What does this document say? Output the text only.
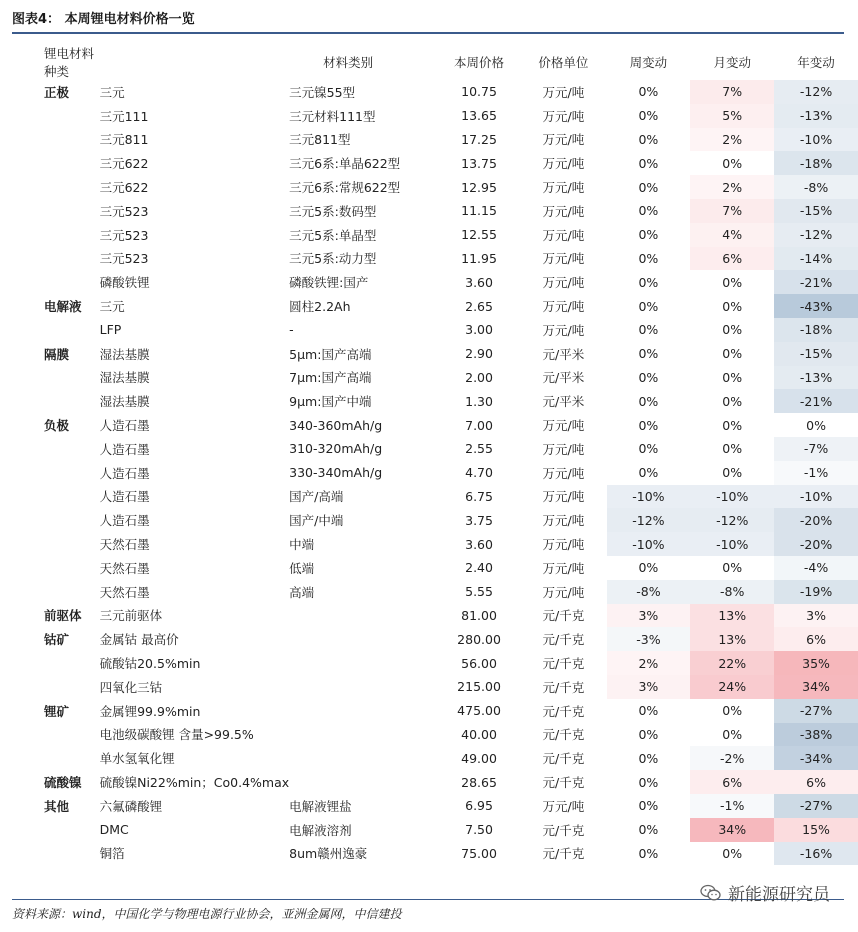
图表4： 本周锂电材料价格一览
锂电材料种类		材料类别	本周价格	价格单位	周变动	月变动	年变动
正极	三元	三元镍55型	10.75	万元/吨	0%	7%	-12%
	三元111	三元材料111型	13.65	万元/吨	0%	5%	-13%
	三元811	三元811型	17.25	万元/吨	0%	2%	-10%
	三元622	三元6系:单晶622型	13.75	万元/吨	0%	0%	-18%
	三元622	三元6系:常规622型	12.95	万元/吨	0%	2%	-8%
	三元523	三元5系:数码型	11.15	万元/吨	0%	7%	-15%
	三元523	三元5系:单晶型	12.55	万元/吨	0%	4%	-12%
	三元523	三元5系:动力型	11.95	万元/吨	0%	6%	-14%
	磷酸铁锂	磷酸铁锂:国产	3.60	万元/吨	0%	0%	-21%
电解液	三元	圆柱2.2Ah	2.65	万元/吨	0%	0%	-43%
	LFP	-	3.00	万元/吨	0%	0%	-18%
隔膜	湿法基膜	5μm:国产高端	2.90	元/平米	0%	0%	-15%
	湿法基膜	7μm:国产高端	2.00	元/平米	0%	0%	-13%
	湿法基膜	9μm:国产中端	1.30	元/平米	0%	0%	-21%
负极	人造石墨	340-360mAh/g	7.00	万元/吨	0%	0%	0%
	人造石墨	310-320mAh/g	2.55	万元/吨	0%	0%	-7%
	人造石墨	330-340mAh/g	4.70	万元/吨	0%	0%	-1%
	人造石墨	国产/高端	6.75	万元/吨	-10%	-10%	-10%
	人造石墨	国产/中端	3.75	万元/吨	-12%	-12%	-20%
	天然石墨	中端	3.60	万元/吨	-10%	-10%	-20%
	天然石墨	低端	2.40	万元/吨	0%	0%	-4%
	天然石墨	高端	5.55	万元/吨	-8%	-8%	-19%
前驱体	三元前驱体		81.00	元/千克	3%	13%	3%
钴矿	金属钴 最高价		280.00	元/千克	-3%	13%	6%
	硫酸钴20.5%min		56.00	元/千克	2%	22%	35%
	四氧化三钴		215.00	元/千克	3%	24%	34%
锂矿	金属锂99.9%min		475.00	元/千克	0%	0%	-27%
	电池级碳酸锂 含量>99.5%		40.00	元/千克	0%	0%	-38%
	单水氢氧化锂		49.00	元/千克	0%	-2%	-34%
硫酸镍	硫酸镍Ni22%min；Co0.4%max		28.65	元/千克	0%	6%	6%
其他	六氟磷酸锂	电解液锂盐	6.95	万元/吨	0%	-1%	-27%
	DMC	电解液溶剂	7.50	元/千克	0%	34%	15%
	铜箔	8um赣州逸豪	75.00	元/千克	0%	0%	-16%
资料来源：wind，中国化学与物理电源行业协会，亚洲金属网，中信建投
新能源研究员
